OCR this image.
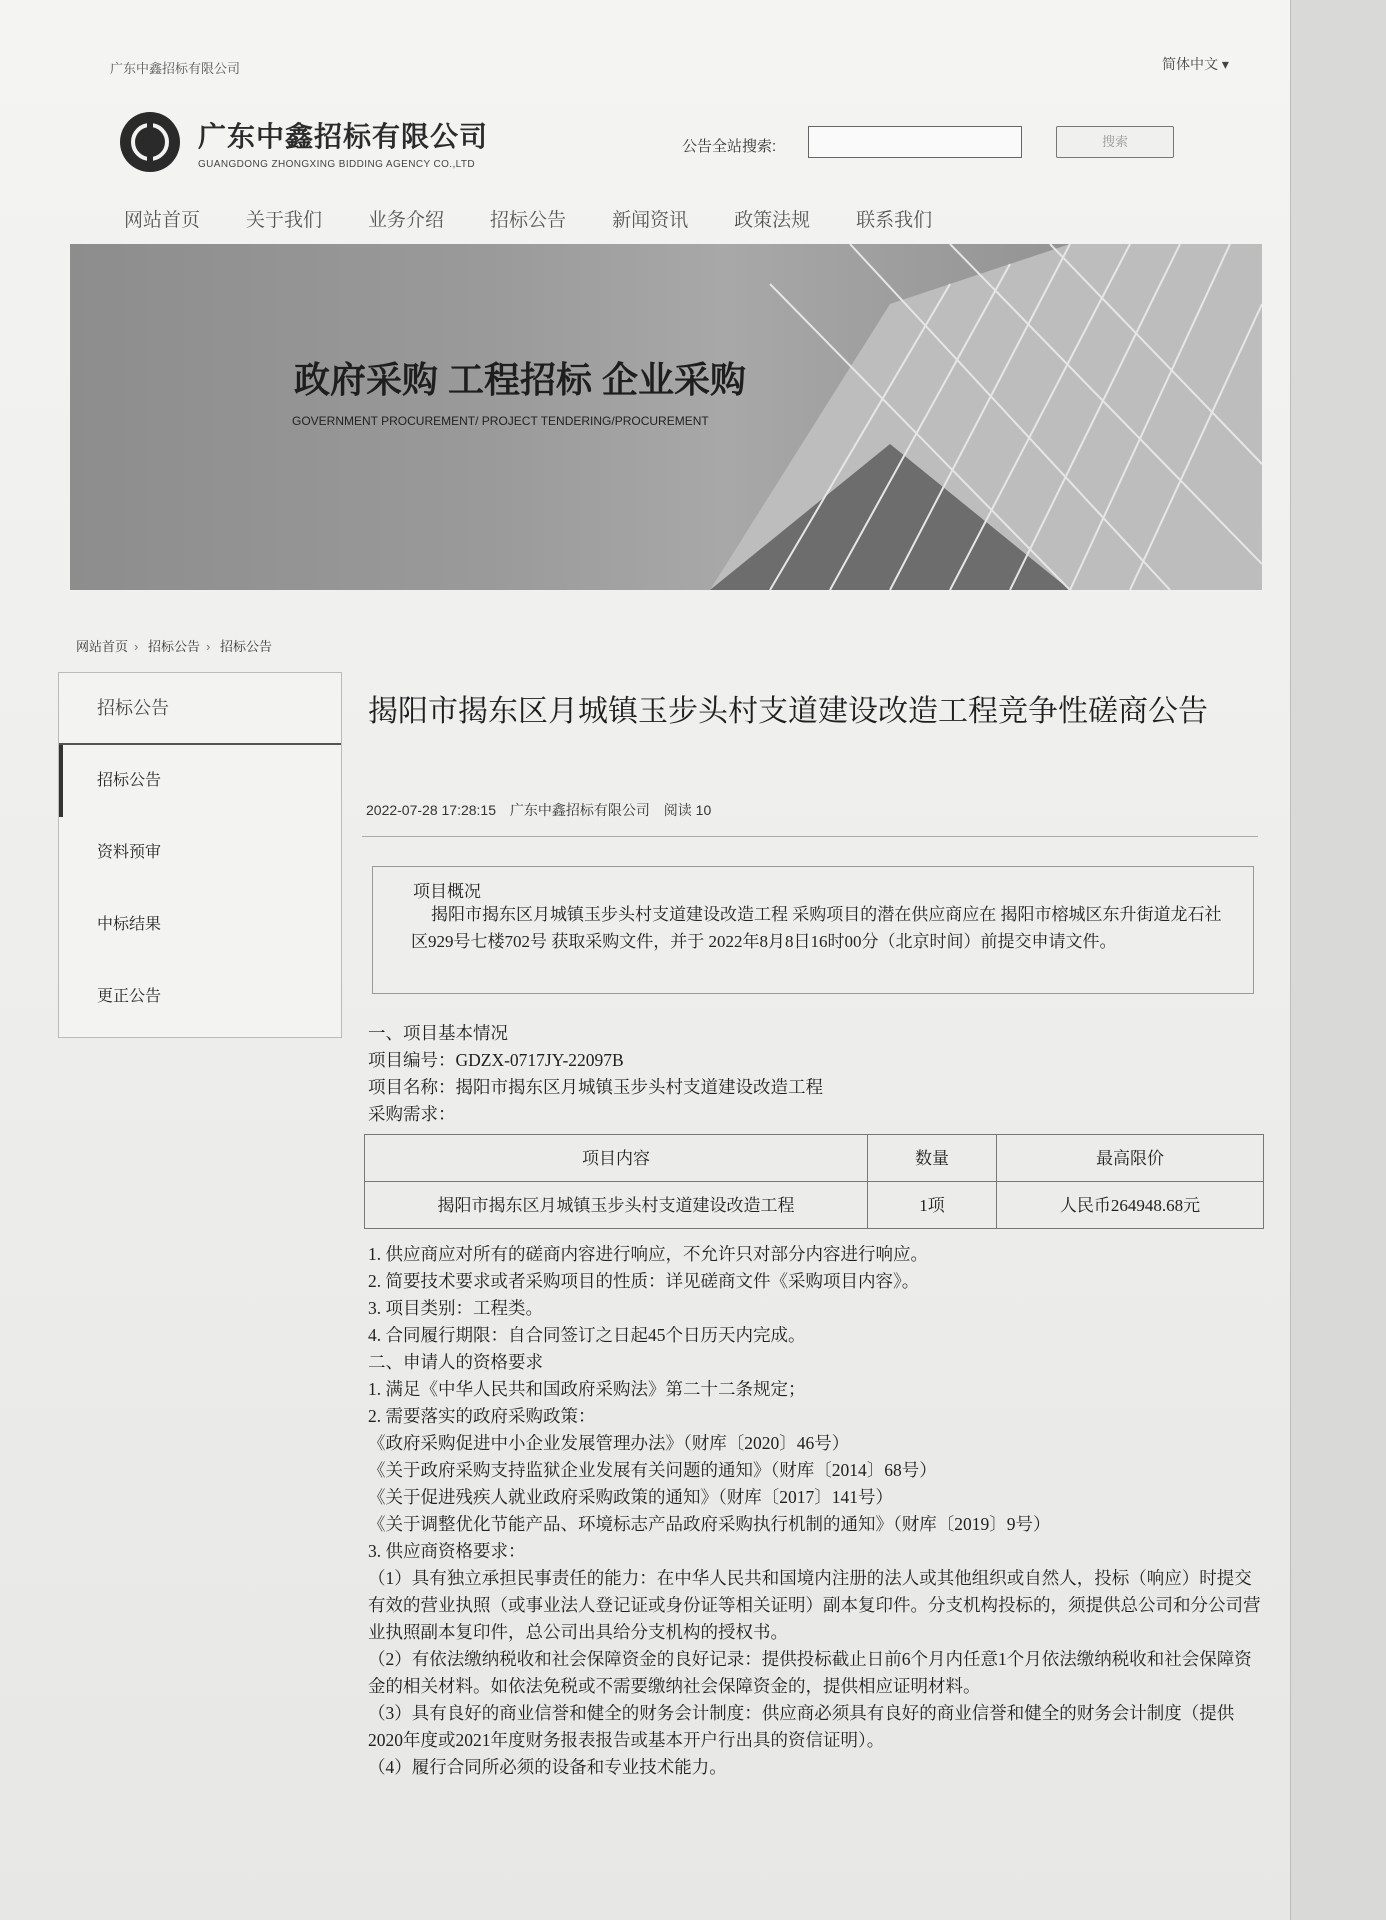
广东中鑫招标有限公司	简体中文 ▾
广东中鑫招标有限公司
GUANGDONG ZHONGXING BIDDING AGENCY CO.,LTD
公告全站搜索:	搜索
网站首页 关于我们 业务介绍 招标公告 新闻资讯 政策法规 联系我们
政府采购 工程招标 企业采购
GOVERNMENT PROCUREMENT/ PROJECT TENDERING/PROCUREMENT
网站首页 › 招标公告 › 招标公告
招标公告
招标公告
资料预审
中标结果
更正公告
揭阳市揭东区月城镇玉步头村支道建设改造工程竞争性磋商公告
2022-07-28 17:28:15 广东中鑫招标有限公司 阅读 10
项目概况
揭阳市揭东区月城镇玉步头村支道建设改造工程 采购项目的潜在供应商应在 揭阳市榕城区东升街道龙石社区929号七楼702号 获取采购文件，并于 2022年8月8日16时00分（北京时间）前提交申请文件。
一、项目基本情况
项目编号：GDZX-0717JY-22097B
项目名称：揭阳市揭东区月城镇玉步头村支道建设改造工程
采购需求：
项目内容	数量	最高限价
揭阳市揭东区月城镇玉步头村支道建设改造工程	1项	人民币264948.68元
1. 供应商应对所有的磋商内容进行响应，不允许只对部分内容进行响应。
2. 简要技术要求或者采购项目的性质：详见磋商文件《采购项目内容》。
3. 项目类别：工程类。
4. 合同履行期限：自合同签订之日起45个日历天内完成。
二、申请人的资格要求
1. 满足《中华人民共和国政府采购法》第二十二条规定；
2. 需要落实的政府采购政策：
《政府采购促进中小企业发展管理办法》（财库〔2020〕46号）
《关于政府采购支持监狱企业发展有关问题的通知》（财库〔2014〕68号）
《关于促进残疾人就业政府采购政策的通知》（财库〔2017〕141号）
《关于调整优化节能产品、环境标志产品政府采购执行机制的通知》（财库〔2019〕9号）
3. 供应商资格要求：
（1）具有独立承担民事责任的能力：在中华人民共和国境内注册的法人或其他组织或自然人，投标（响应）时提交有效的营业执照（或事业法人登记证或身份证等相关证明）副本复印件。分支机构投标的，须提供总公司和分公司营业执照副本复印件，总公司出具给分支机构的授权书。
（2）有依法缴纳税收和社会保障资金的良好记录：提供投标截止日前6个月内任意1个月依法缴纳税收和社会保障资金的相关材料。如依法免税或不需要缴纳社会保障资金的，提供相应证明材料。
（3）具有良好的商业信誉和健全的财务会计制度：供应商必须具有良好的商业信誉和健全的财务会计制度（提供2020年度或2021年度财务报表报告或基本开户行出具的资信证明）。
（4）履行合同所必须的设备和专业技术能力。
